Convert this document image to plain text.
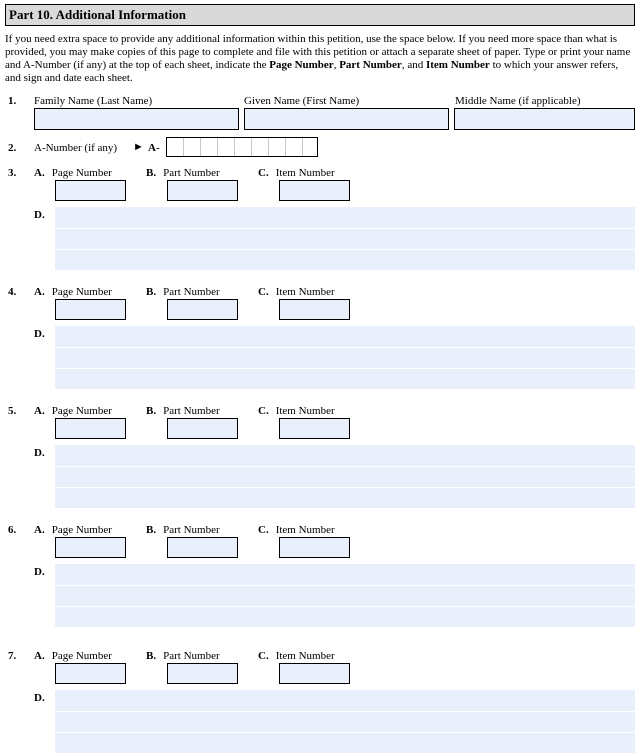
Part 10. Additional Information
If you need extra space to provide any additional information within this petition, use the space below. If you need more space than what is provided, you may make copies of this page to complete and file with this petition or attach a separate sheet of paper. Type or print your name and A-Number (if any) at the top of each sheet, indicate the Page Number, Part Number, and Item Number to which your answer refers, and sign and date each sheet.
1. Family Name (Last Name)	Given Name (First Name)	Middle Name (if applicable)
2. A-Number (if any) ► A-
3. A. Page Number	B. Part Number	C. Item Number
D.
4. A. Page Number	B. Part Number	C. Item Number
D.
5. A. Page Number	B. Part Number	C. Item Number
D.
6. A. Page Number	B. Part Number	C. Item Number
D.
7. A. Page Number	B. Part Number	C. Item Number
D.
